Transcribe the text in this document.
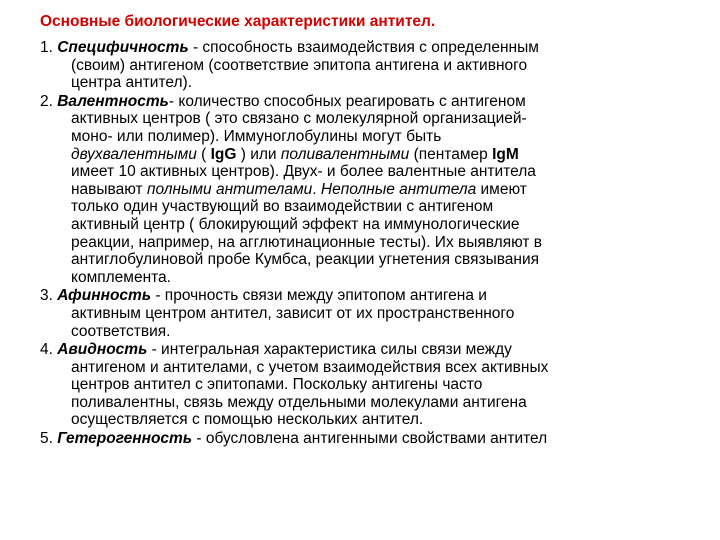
Основные биологические характеристики антител.
1. Специфичность - способность взаимодействия с определенным
(своим) антигеном (соответствие эпитопа антигена и активного
центра антител).
2. Валентность- количество способных реагировать с антигеном
активных центров ( это связано с молекулярной организацией-
моно- или полимер). Иммуноглобулины могут быть
двухвалентными ( IgG ) или поливалентными (пентамер IgM
имеет 10 активных центров). Двух- и более валентные антитела
навывают полными антителами. Неполные антитела имеют
только один участвующий во взаимодействии с антигеном
активный центр ( блокирующий эффект на иммунологические
реакции, например, на агглютинационные тесты). Их выявляют в
антиглобулиновой пробе Кумбса, реакции угнетения связывания
комплемента.
3. Афинность - прочность связи между эпитопом антигена и
активным центром антител, зависит от их пространственного
соответствия.
4. Авидность - интегральная характеристика силы связи между
антигеном и антителами, с учетом взаимодействия всех активных
центров антител с эпитопами. Поскольку антигены часто
поливалентны, связь между отдельными молекулами антигена
осуществляется с помощью нескольких антител.
5. Гетерогенность - обусловлена антигенными свойствами антител
